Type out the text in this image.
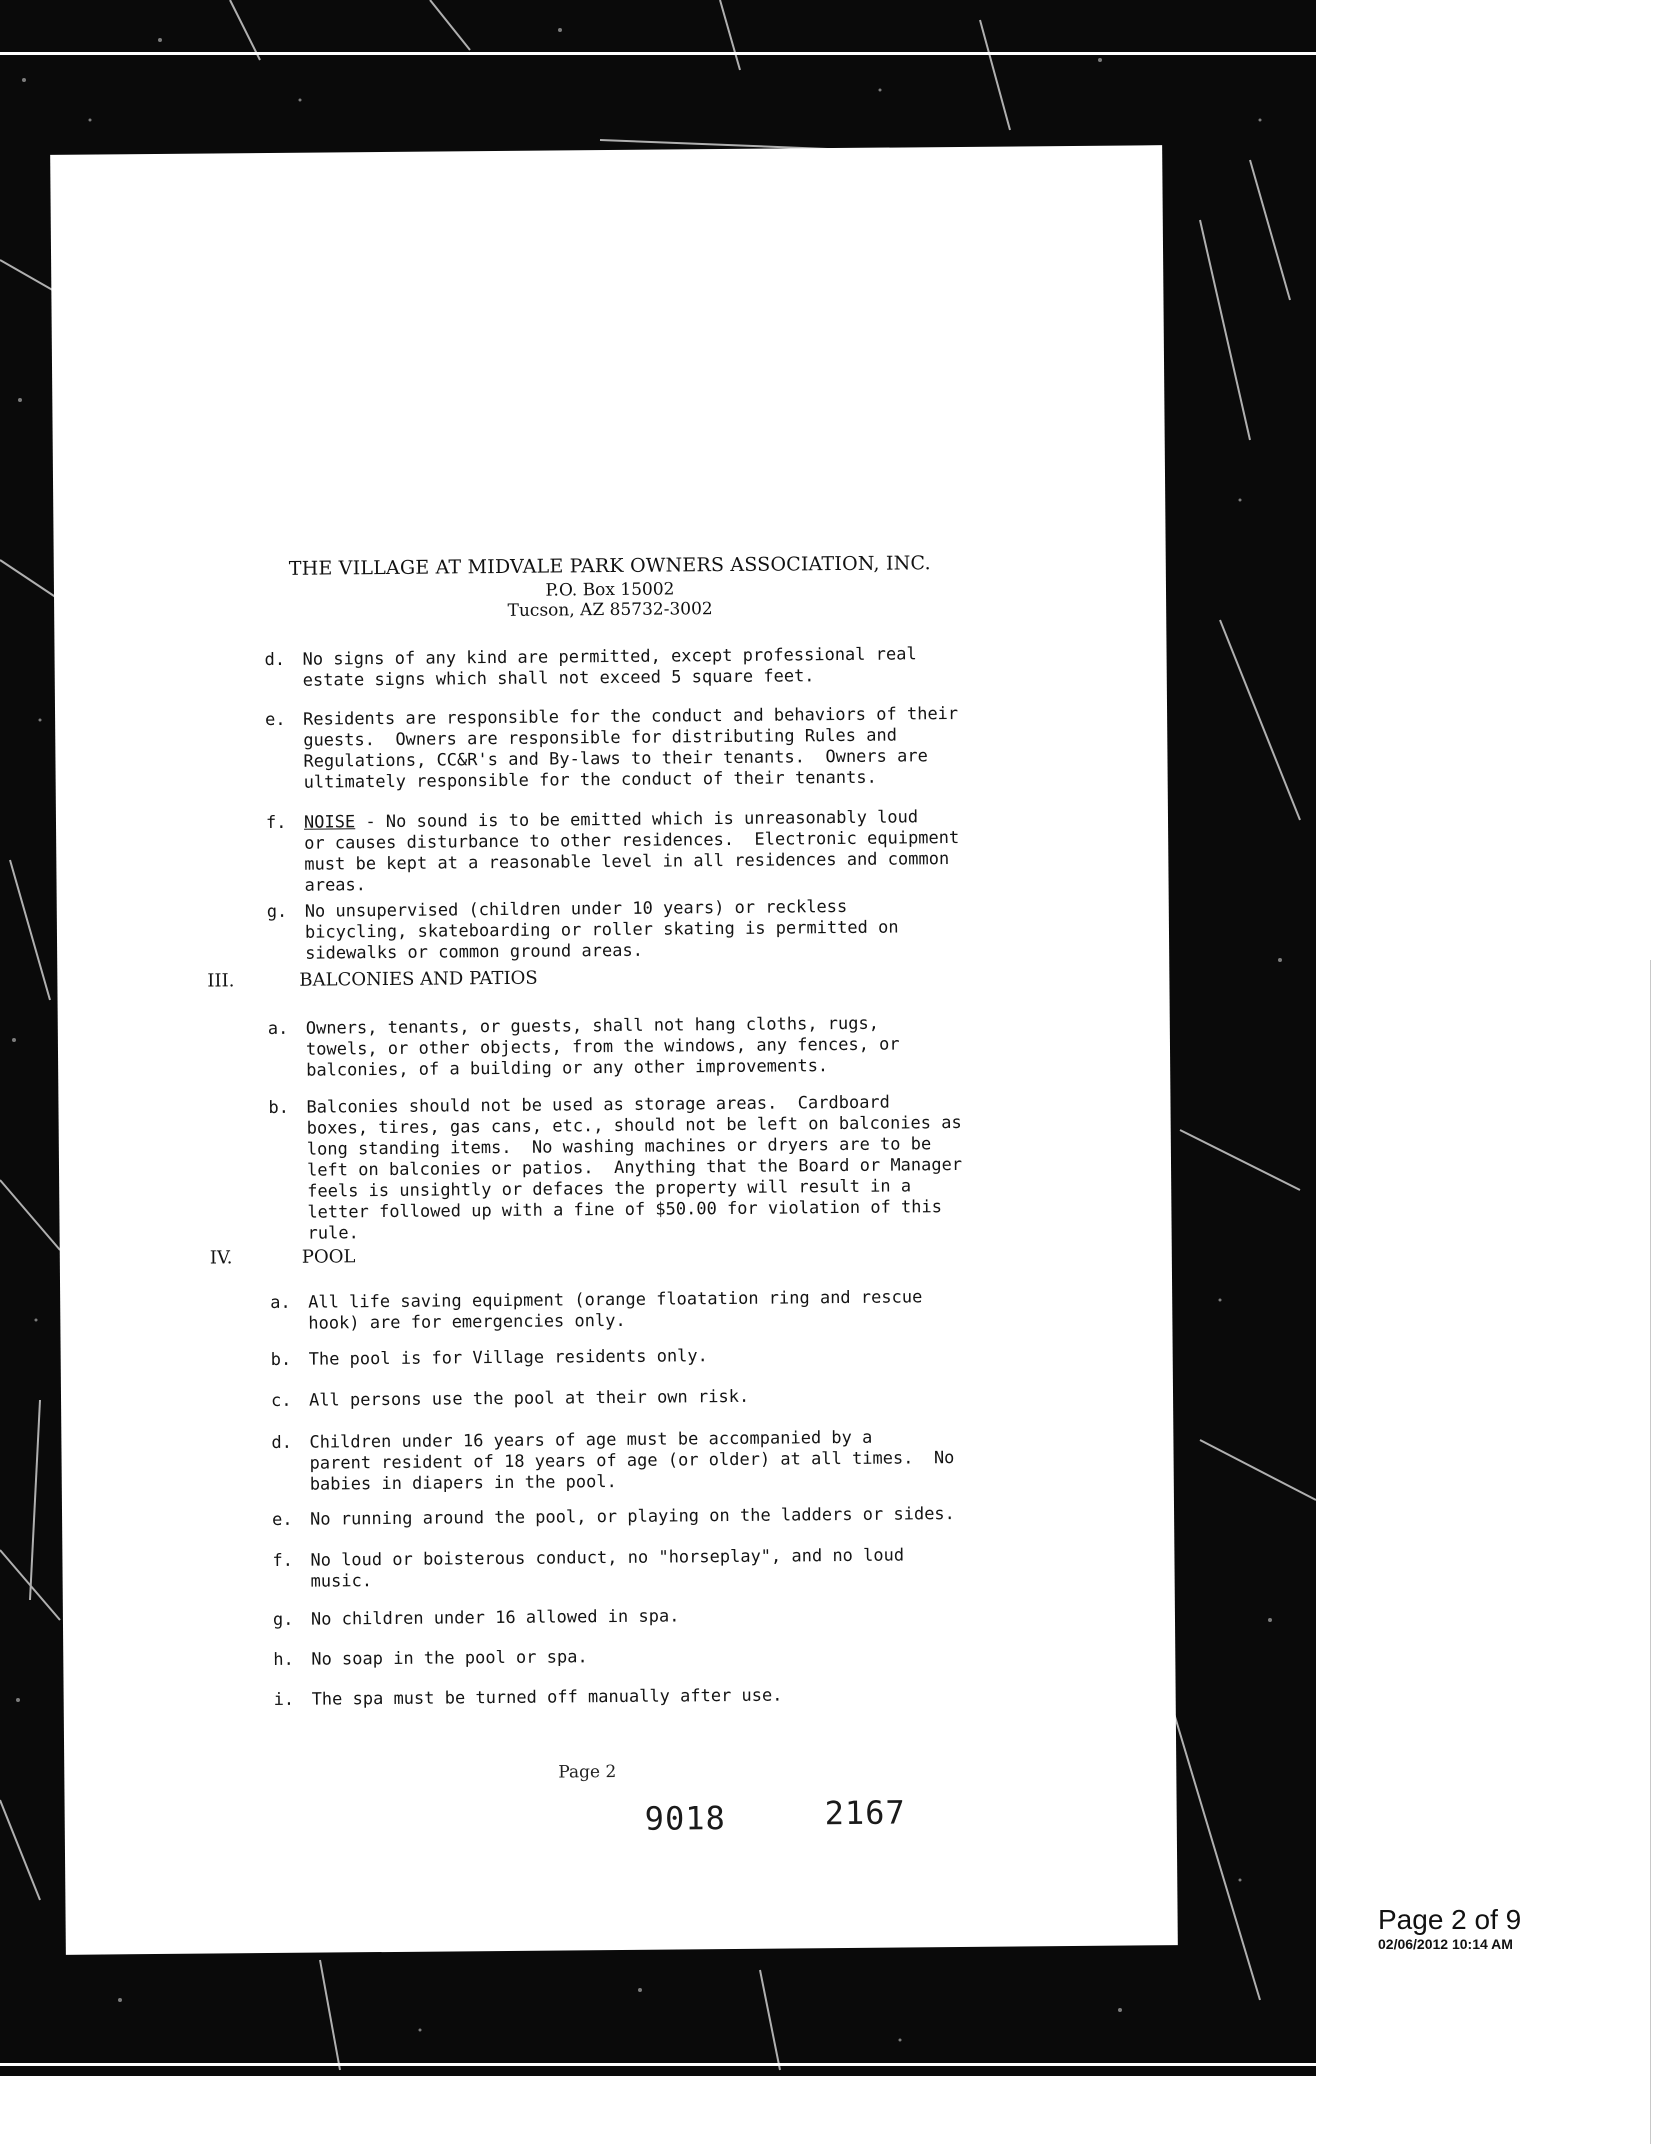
THE VILLAGE AT MIDVALE PARK OWNERS ASSOCIATION, INC.
P.O. Box 15002
Tucson, AZ 85732-3002
d. No signs of any kind are permitted, except professional real
estate signs which shall not exceed 5 square feet.
e. Residents are responsible for the conduct and behaviors of their
guests.  Owners are responsible for distributing Rules and
Regulations, CC&R's and By-laws to their tenants.  Owners are
ultimately responsible for the conduct of their tenants.
f. NOISE - No sound is to be emitted which is unreasonably loud
or causes disturbance to other residences.  Electronic equipment
must be kept at a reasonable level in all residences and common
areas.
g. No unsupervised (children under 10 years) or reckless
bicycling, skateboarding or roller skating is permitted on
sidewalks or common ground areas.
III.	BALCONIES AND PATIOS
a. Owners, tenants, or guests, shall not hang cloths, rugs,
towels, or other objects, from the windows, any fences, or
balconies, of a building or any other improvements.
b. Balconies should not be used as storage areas.  Cardboard
boxes, tires, gas cans, etc., should not be left on balconies as
long standing items.  No washing machines or dryers are to be
left on balconies or patios.  Anything that the Board or Manager
feels is unsightly or defaces the property will result in a
letter followed up with a fine of $50.00 for violation of this
rule.
IV.	POOL
a. All life saving equipment (orange floatation ring and rescue
hook) are for emergencies only.
b. The pool is for Village residents only.
c. All persons use the pool at their own risk.
d. Children under 16 years of age must be accompanied by a
parent resident of 18 years of age (or older) at all times.  No
babies in diapers in the pool.
e. No running around the pool, or playing on the ladders or sides.
f. No loud or boisterous conduct, no "horseplay", and no loud
music.
g. No children under 16 allowed in spa.
h. No soap in the pool or spa.
i. The spa must be turned off manually after use.
Page 2
9018	2167
Page 2 of 9
02/06/2012 10:14 AM
